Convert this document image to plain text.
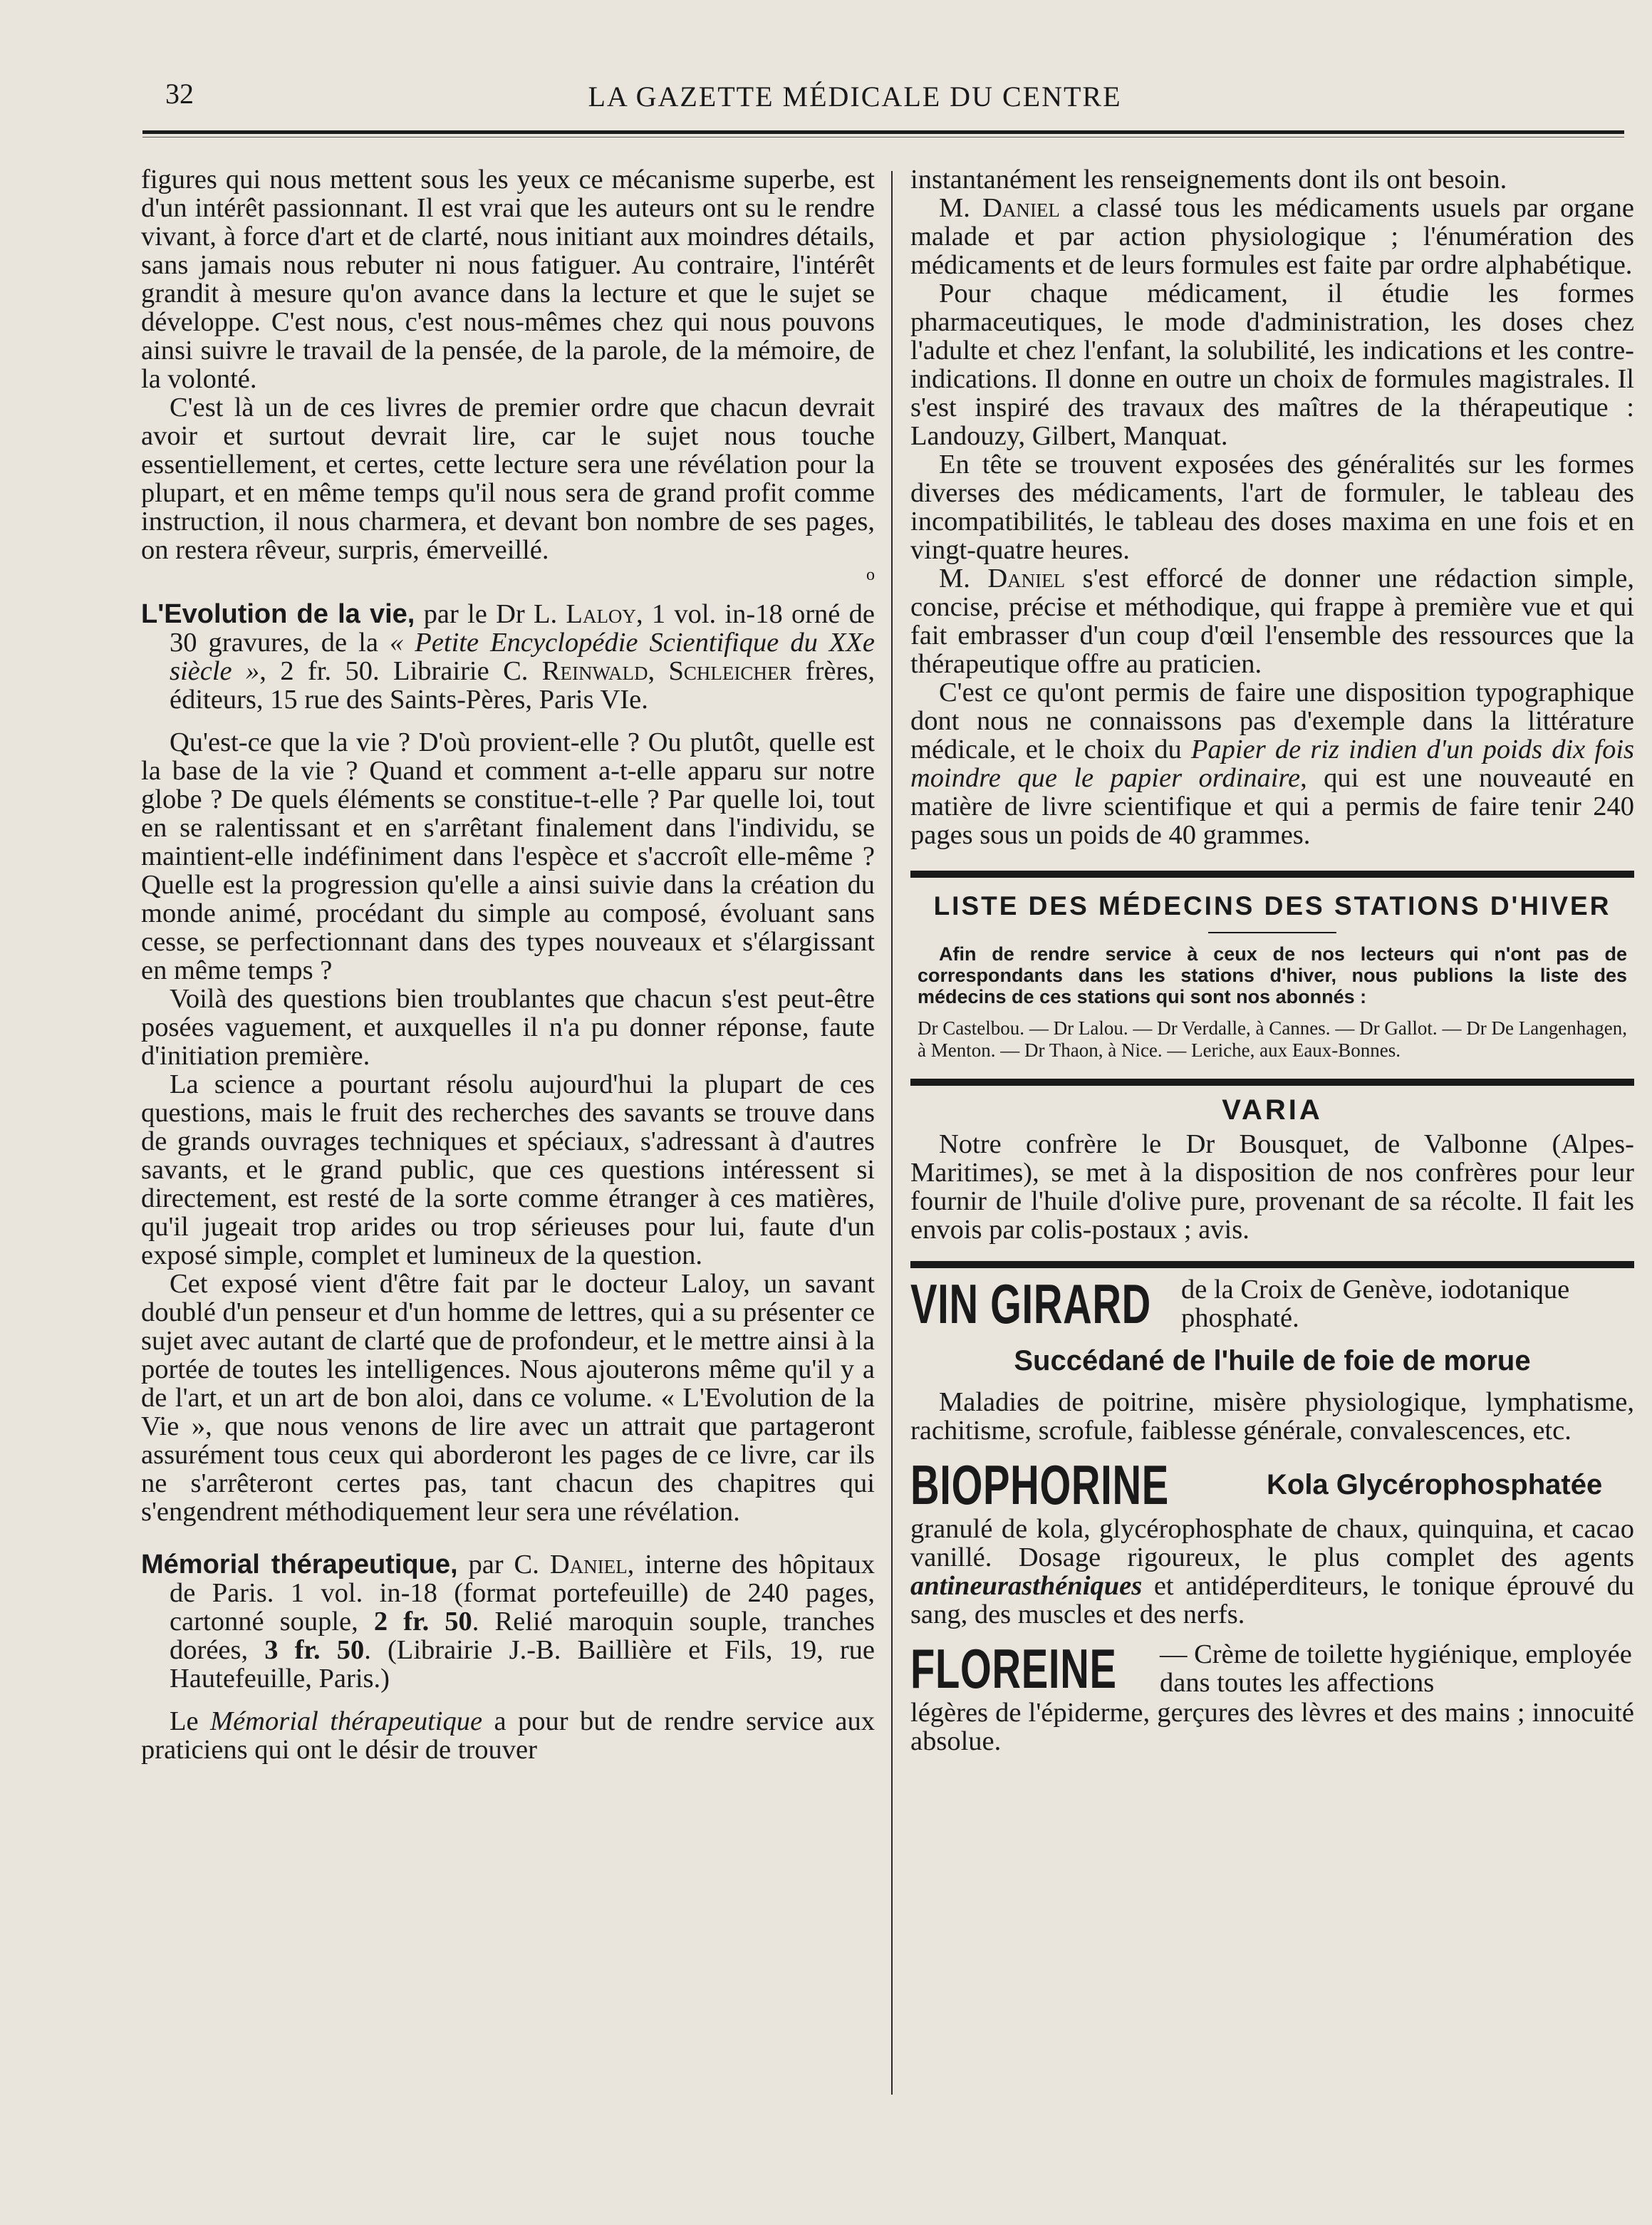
32	LA GAZETTE MÉDICALE DU CENTRE

figures qui nous mettent sous les yeux ce mécanisme superbe, est d'un intérêt passionnant. Il est vrai que les auteurs ont su le rendre vivant, à force d'art et de clarté, nous initiant aux moindres détails, sans jamais nous rebuter ni nous fatiguer. Au contraire, l'intérêt grandit à mesure qu'on avance dans la lecture et que le sujet se développe. C'est nous, c'est nous-mêmes chez qui nous pouvons ainsi suivre le travail de la pensée, de la parole, de la mémoire, de la volonté.

C'est là un de ces livres de premier ordre que chacun devrait avoir et surtout devrait lire, car le sujet nous touche essentiellement, et certes, cette lecture sera une révélation pour la plupart, et en même temps qu'il nous sera de grand profit comme instruction, il nous charmera, et devant bon nombre de ses pages, on restera rêveur, surpris, émerveillé.

o

L'Evolution de la vie, par le Dr L. Laloy, 1 vol. in-18 orné de 30 gravures, de la « Petite Encyclopédie Scientifique du XXe siècle », 2 fr. 50. Librairie C. Reinwald, Schleicher frères, éditeurs, 15 rue des Saints-Pères, Paris VIe.

Qu'est-ce que la vie ? D'où provient-elle ? Ou plutôt, quelle est la base de la vie ? Quand et comment a-t-elle apparu sur notre globe ? De quels éléments se constitue-t-elle ? Par quelle loi, tout en se ralentissant et en s'arrêtant finalement dans l'individu, se maintient-elle indéfiniment dans l'espèce et s'accroît elle-même ? Quelle est la progression qu'elle a ainsi suivie dans la création du monde animé, procédant du simple au composé, évoluant sans cesse, se perfectionnant dans des types nouveaux et s'élargissant en même temps ?

Voilà des questions bien troublantes que chacun s'est peut-être posées vaguement, et auxquelles il n'a pu donner réponse, faute d'initiation première.

La science a pourtant résolu aujourd'hui la plupart de ces questions, mais le fruit des recherches des savants se trouve dans de grands ouvrages techniques et spéciaux, s'adressant à d'autres savants, et le grand public, que ces questions intéressent si directement, est resté de la sorte comme étranger à ces matières, qu'il jugeait trop arides ou trop sérieuses pour lui, faute d'un exposé simple, complet et lumineux de la question.

Cet exposé vient d'être fait par le docteur Laloy, un savant doublé d'un penseur et d'un homme de lettres, qui a su présenter ce sujet avec autant de clarté que de profondeur, et le mettre ainsi à la portée de toutes les intelligences. Nous ajouterons même qu'il y a de l'art, et un art de bon aloi, dans ce volume. « L'Evolution de la Vie », que nous venons de lire avec un attrait que partageront assurément tous ceux qui aborderont les pages de ce livre, car ils ne s'arrêteront certes pas, tant chacun des chapitres qui s'engendrent méthodiquement leur sera une révélation.

Mémorial thérapeutique, par C. Daniel, interne des hôpitaux de Paris. 1 vol. in-18 (format portefeuille) de 240 pages, cartonné souple, 2 fr. 50. Relié maroquin souple, tranches dorées, 3 fr. 50. (Librairie J.-B. Baillière et Fils, 19, rue Hautefeuille, Paris.)

Le Mémorial thérapeutique a pour but de rendre service aux praticiens qui ont le désir de trouver

instantanément les renseignements dont ils ont besoin.

M. Daniel a classé tous les médicaments usuels par organe malade et par action physiologique ; l'énumération des médicaments et de leurs formules est faite par ordre alphabétique.

Pour chaque médicament, il étudie les formes pharmaceutiques, le mode d'administration, les doses chez l'adulte et chez l'enfant, la solubilité, les indications et les contre-indications. Il donne en outre un choix de formules magistrales. Il s'est inspiré des travaux des maîtres de la thérapeutique : Landouzy, Gilbert, Manquat.

En tête se trouvent exposées des généralités sur les formes diverses des médicaments, l'art de formuler, le tableau des incompatibilités, le tableau des doses maxima en une fois et en vingt-quatre heures.

M. Daniel s'est efforcé de donner une rédaction simple, concise, précise et méthodique, qui frappe à première vue et qui fait embrasser d'un coup d'œil l'ensemble des ressources que la thérapeutique offre au praticien.

C'est ce qu'ont permis de faire une disposition typographique dont nous ne connaissons pas d'exemple dans la littérature médicale, et le choix du Papier de riz indien d'un poids dix fois moindre que le papier ordinaire, qui est une nouveauté en matière de livre scientifique et qui a permis de faire tenir 240 pages sous un poids de 40 grammes.

LISTE DES MÉDECINS DES STATIONS D'HIVER

Afin de rendre service à ceux de nos lecteurs qui n'ont pas de correspondants dans les stations d'hiver, nous publions la liste des médecins de ces stations qui sont nos abonnés :

Dr Castelbou. — Dr Lalou. — Dr Verdalle, à Cannes. — Dr Gallot. — Dr De Langenhagen, à Menton. — Dr Thaon, à Nice. — Leriche, aux Eaux-Bonnes.

VARIA

Notre confrère le Dr Bousquet, de Valbonne (Alpes-Maritimes), se met à la disposition de nos confrères pour leur fournir de l'huile d'olive pure, provenant de sa récolte. Il fait les envois par colis-postaux ; avis.

VIN GIRARD	de la Croix de Genève, iodotanique phosphaté.
Succédané de l'huile de foie de morue

Maladies de poitrine, misère physiologique, lymphatisme, rachitisme, scrofule, faiblesse générale, convalescences, etc.

BIOPHORINE	Kola Glycérophosphatée

granulé de kola, glycérophosphate de chaux, quinquina, et cacao vanillé. Dosage rigoureux, le plus complet des agents antineurasthéniques et antidéperditeurs, le tonique éprouvé du sang, des muscles et des nerfs.

FLOREINE	— Crème de toilette hygiénique, employée dans toutes les affections

légères de l'épiderme, gerçures des lèvres et des mains ; innocuité absolue.
